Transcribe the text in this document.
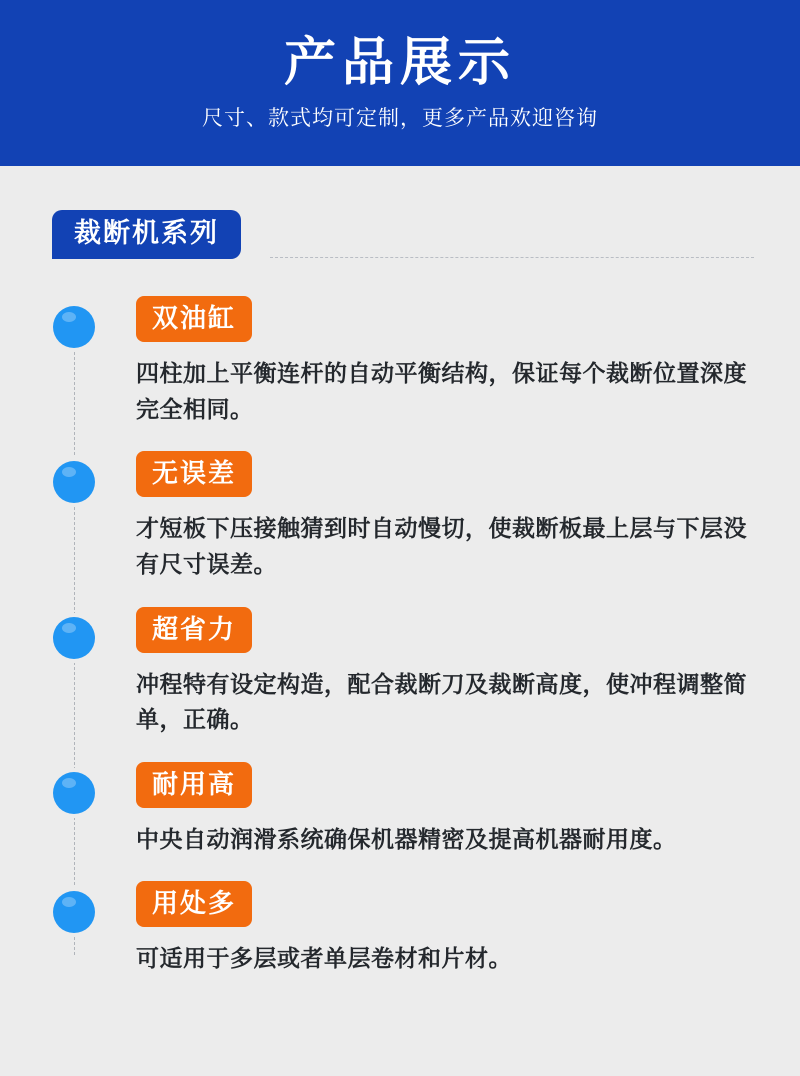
产品展示
尺寸、款式均可定制，更多产品欢迎咨询
裁断机系列
双油缸

四柱加上平衡连杆的自动平衡结构，保证每个裁断位置深度完全相同。

无误差

才短板下压接触猜到时自动慢切，使裁断板最上层与下层没有尺寸误差。

超省力

冲程特有设定构造，配合裁断刀及裁断高度，使冲程调整简单，正确。

耐用高

中央自动润滑系统确保机器精密及提高机器耐用度。

用处多

可适用于多层或者单层卷材和片材。
